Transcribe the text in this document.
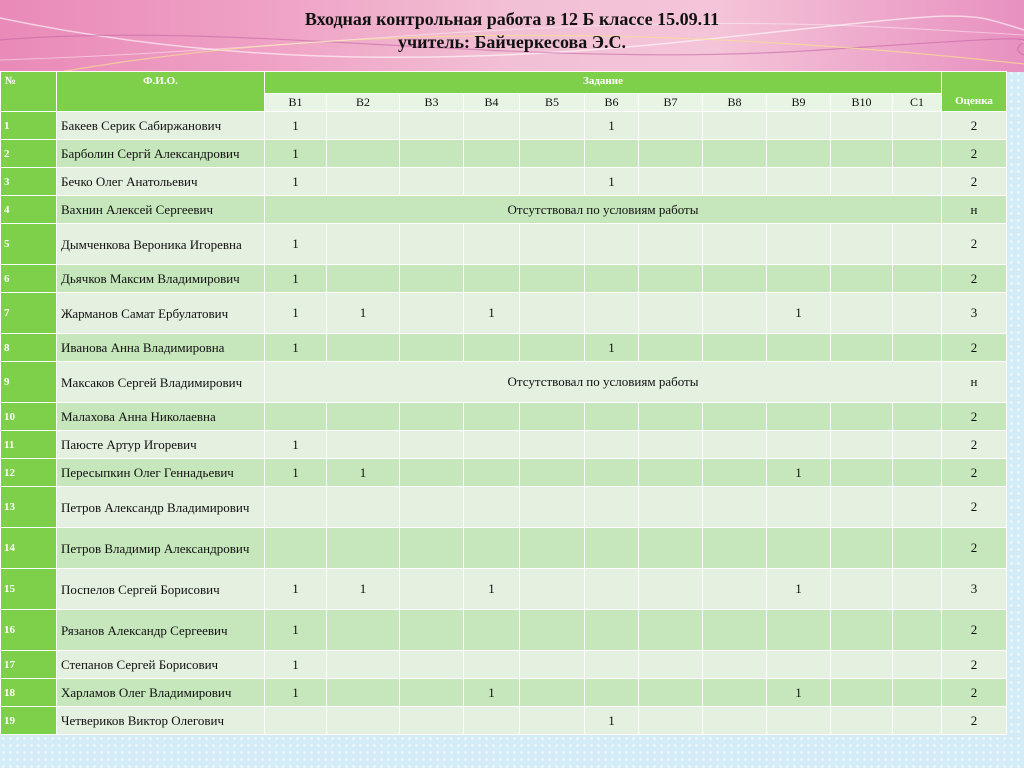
Входная контрольная работа в 12 Б классе 15.09.11
учитель: Байчеркесова Э.С.
№	Ф.И.О.	Задание											Оценка
		В1	В2	В3	В4	В5	В6	В7	В8	В9	В10	С1	
1	Бакеев Серик Сабиржанович	1					1						2
2	Барболин Сергй Александрович	1											2
3	Бечко Олег Анатольевич	1					1						2
4	Вахнин Алексей Сергеевич	Отсутствовал по условиям работы											н
5	Дымченкова Вероника Игоревна	1											2
6	Дьячков Максим Владимирович	1											2
7	Жарманов Самат Ербулатович	1	1		1					1			3
8	Иванова Анна Владимировна	1					1						2
9	Максаков Сергей Владимирович	Отсутствовал по условиям работы											н
10	Малахова Анна Николаевна												2
11	Паюсте Артур Игоревич	1											2
12	Пересыпкин Олег Геннадьевич	1	1							1			2
13	Петров Александр Владимирович												2
14	Петров Владимир Александрович												2
15	Поспелов Сергей Борисович	1	1		1					1			3
16	Рязанов Александр Сергеевич	1											2
17	Степанов Сергей Борисович	1											2
18	Харламов Олег Владимирович	1			1					1			2
19	Четвериков Виктор Олегович						1						2
